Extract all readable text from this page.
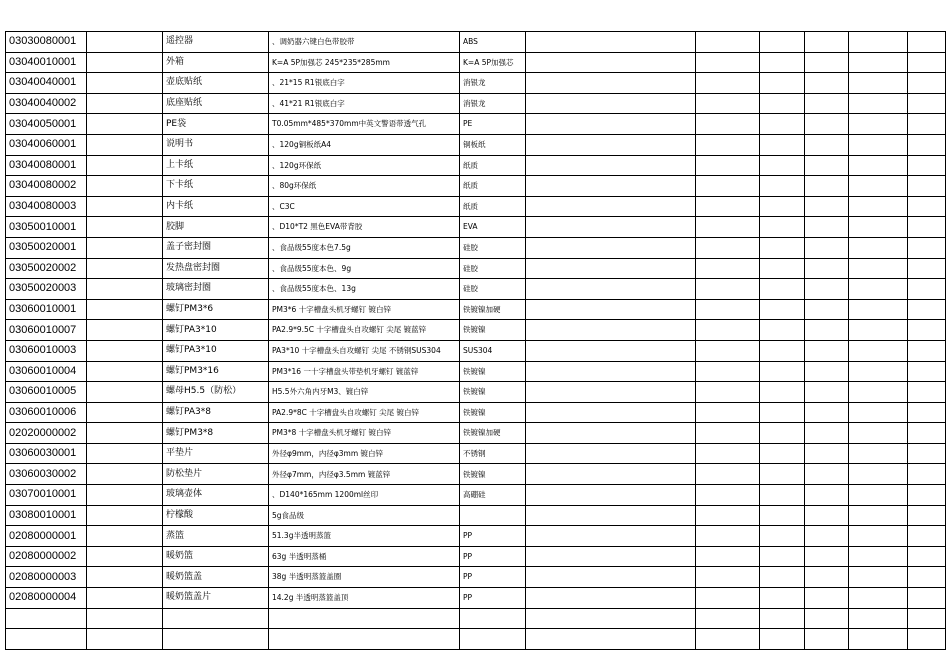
03030080001		遥控器	、调奶器六键白色带胶带	ABS						
03040010001		外箱	K=A 5P加强芯 245*235*285mm	K=A 5P加强芯						
03040040001		壶底贴纸	、21*15 R1银底白字	消银龙						
03040040002		底座贴纸	、41*21 R1银底白字	消银龙						
03040050001		PE袋	T0.05mm*485*370mm中英文警语带透气孔	PE						
03040060001		说明书	、120g铜板纸A4	铜板纸						
03040080001		上卡纸	、120g环保纸	纸质						
03040080002		下卡纸	、80g环保纸	纸质						
03040080003		内卡纸	、C3C	纸质						
03050010001		胶脚	、D10*T2 黑色EVA带背胶	EVA						
03050020001		盖子密封圈	、食品级55度本色7.5g	硅胶						
03050020002		发热盘密封圈	、食品级55度本色、9g	硅胶						
03050020003		玻璃密封圈	、食品级55度本色、13g	硅胶						
03060010001		螺钉PM3*6	PM3*6 十字槽盘头机牙螺钉 镀白锌	铁镀镍加硬						
03060010007		螺钉PA3*10	PA2.9*9.5C 十字槽盘头自攻螺钉 尖尾 镀蓝锌	铁镀镍						
03060010003		螺钉PA3*10	PA3*10 十字槽盘头自攻螺钉 尖尾 不锈钢SUS304	SUS304						
03060010004		螺钉PM3*16	PM3*16 一十字槽盘头带垫机牙螺钉 镀蓝锌	铁镀镍						
03060010005		螺母H5.5（防松）	H5.5外六角内牙M3、镀白锌	铁镀镍						
03060010006		螺钉PA3*8	PA2.9*8C 十字槽盘头自攻螺钉 尖尾 镀白锌	铁镀镍						
02020000002		螺钉PM3*8	PM3*8 十字槽盘头机牙螺钉 镀白锌	铁镀镍加硬						
03060030001		平垫片	外径φ9mm，内径φ3mm 镀白锌	不锈钢						
03060030002		防松垫片	外径φ7mm，内径φ3.5mm 镀蓝锌	铁镀镍						
03070010001		玻璃壶体	、D140*165mm 1200ml丝印	高硼硅						
03080010001		柠檬酸	5g食品级							
02080000001		蒸篮	51.3g半透明蒸篮	PP						
02080000002		暖奶篮	63g 半透明蒸桶	PP						
02080000003		暖奶篮盖	38g 半透明蒸篮盖圈	PP						
02080000004		暖奶篮盖片	14.2g 半透明蒸篮盖顶	PP						
